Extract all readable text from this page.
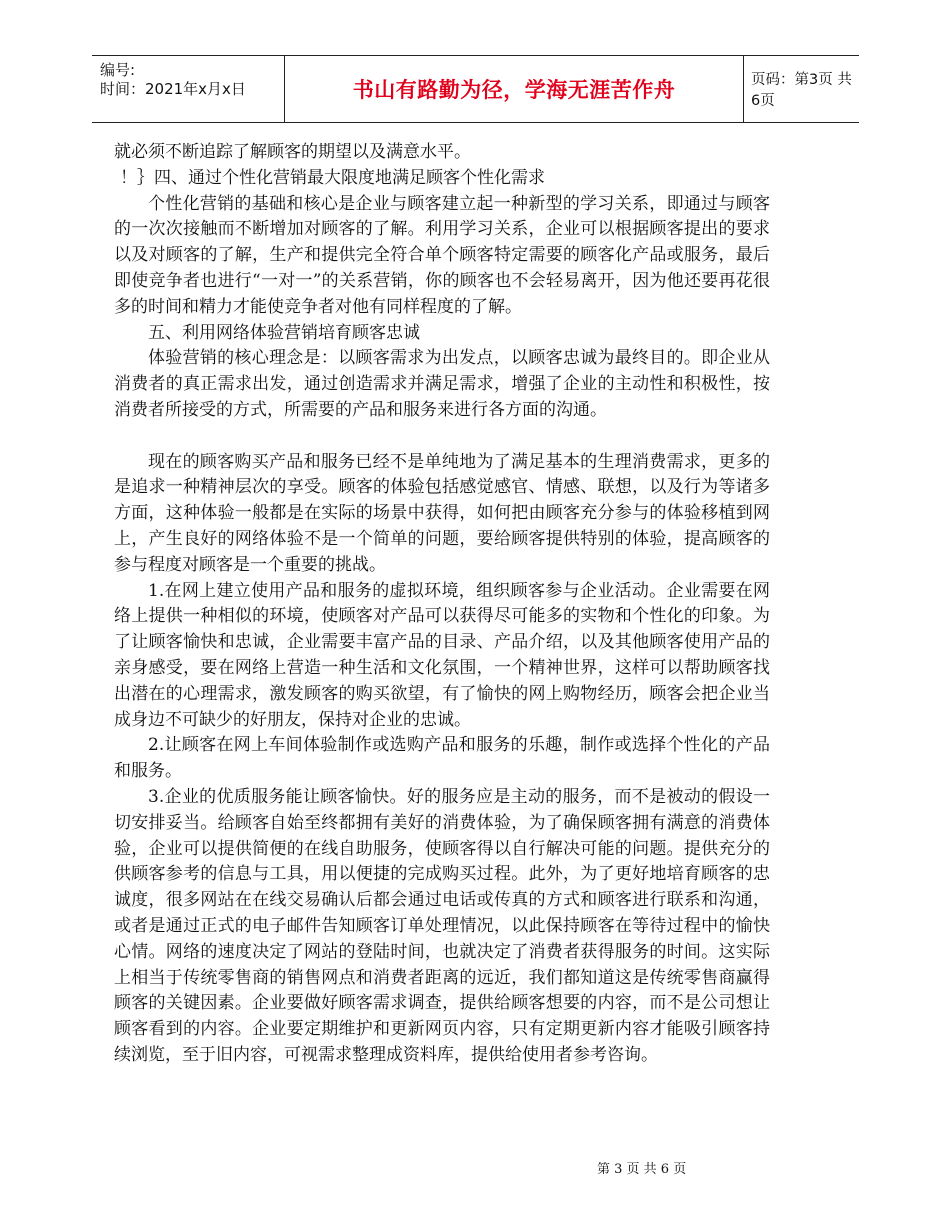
编号:
时间：2021年x月x日	书山有路勤为径，学海无涯苦作舟	页码：第3页 共6页

就必须不断追踪了解顾客的期望以及满意水平。

！｝四、通过个性化营销最大限度地满足顾客个性化需求

个性化营销的基础和核心是企业与顾客建立起一种新型的学习关系，即通过与顾客的一次次接触而不断增加对顾客的了解。利用学习关系，企业可以根据顾客提出的要求以及对顾客的了解，生产和提供完全符合单个顾客特定需要的顾客化产品或服务，最后即使竞争者也进行“一对一”的关系营销，你的顾客也不会轻易离开，因为他还要再花很多的时间和精力才能使竞争者对他有同样程度的了解。

五、利用网络体验营销培育顾客忠诚

体验营销的核心理念是：以顾客需求为出发点，以顾客忠诚为最终目的。即企业从消费者的真正需求出发，通过创造需求并满足需求，增强了企业的主动性和积极性，按消费者所接受的方式，所需要的产品和服务来进行各方面的沟通。

现在的顾客购买产品和服务已经不是单纯地为了满足基本的生理消费需求，更多的是追求一种精神层次的享受。顾客的体验包括感觉感官、情感、联想，以及行为等诸多方面，这种体验一般都是在实际的场景中获得，如何把由顾客充分参与的体验移植到网上，产生良好的网络体验不是一个简单的问题，要给顾客提供特别的体验，提高顾客的参与程度对顾客是一个重要的挑战。

1.在网上建立使用产品和服务的虚拟环境，组织顾客参与企业活动。企业需要在网络上提供一种相似的环境，使顾客对产品可以获得尽可能多的实物和个性化的印象。为了让顾客愉快和忠诚，企业需要丰富产品的目录、产品介绍，以及其他顾客使用产品的亲身感受，要在网络上营造一种生活和文化氛围，一个精神世界，这样可以帮助顾客找出潜在的心理需求，激发顾客的购买欲望，有了愉快的网上购物经历，顾客会把企业当成身边不可缺少的好朋友，保持对企业的忠诚。

2.让顾客在网上车间体验制作或选购产品和服务的乐趣，制作或选择个性化的产品和服务。

3.企业的优质服务能让顾客愉快。好的服务应是主动的服务，而不是被动的假设一切安排妥当。给顾客自始至终都拥有美好的消费体验，为了确保顾客拥有满意的消费体验，企业可以提供简便的在线自助服务，使顾客得以自行解决可能的问题。提供充分的供顾客参考的信息与工具，用以便捷的完成购买过程。此外，为了更好地培育顾客的忠诚度，很多网站在在线交易确认后都会通过电话或传真的方式和顾客进行联系和沟通，或者是通过正式的电子邮件告知顾客订单处理情况，以此保持顾客在等待过程中的愉快心情。网络的速度决定了网站的登陆时间，也就决定了消费者获得服务的时间。这实际上相当于传统零售商的销售网点和消费者距离的远近，我们都知道这是传统零售商赢得顾客的关键因素。企业要做好顾客需求调查，提供给顾客想要的内容，而不是公司想让顾客看到的内容。企业要定期维护和更新网页内容，只有定期更新内容才能吸引顾客持续浏览，至于旧内容，可视需求整理成资料库，提供给使用者参考咨询。

第 3 页 共 6 页
